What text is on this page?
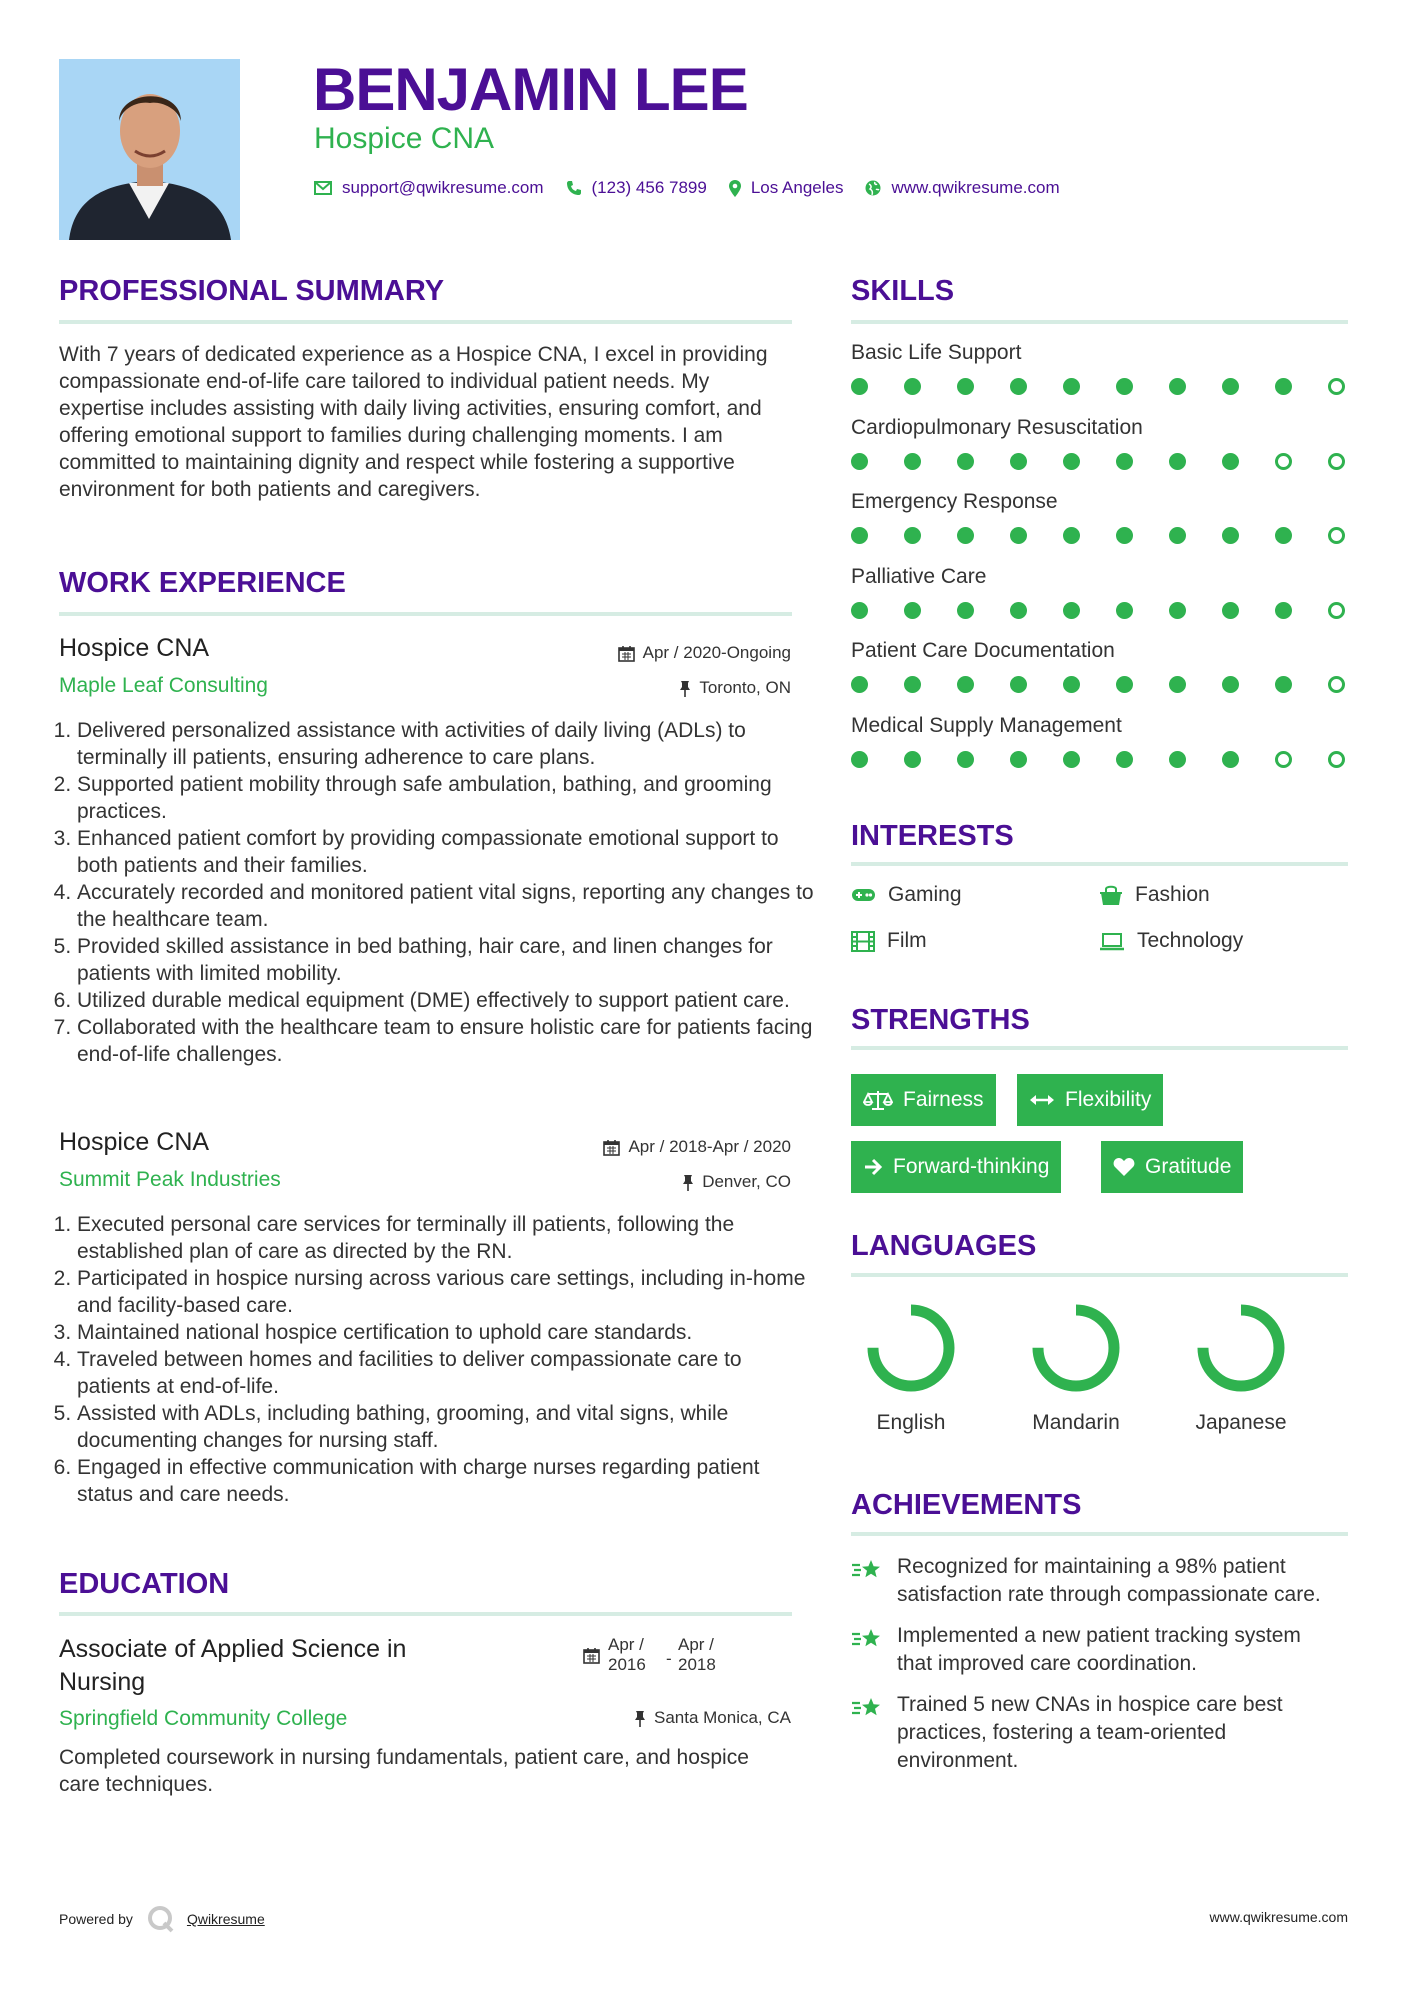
BENJAMIN LEE
Hospice CNA
support@qwikresume.com	(123) 456 7899	Los Angeles	www.qwikresume.com
PROFESSIONAL SUMMARY
With 7 years of dedicated experience as a Hospice CNA, I excel in providing compassionate end-of-life care tailored to individual patient needs. My expertise includes assisting with daily living activities, ensuring comfort, and offering emotional support to families during challenging moments. I am committed to maintaining dignity and respect while fostering a supportive environment for both patients and caregivers.
WORK EXPERIENCE
Hospice CNA	Apr / 2020-Ongoing
Maple Leaf Consulting	Toronto, ON
1. Delivered personalized assistance with activities of daily living (ADLs) to terminally ill patients, ensuring adherence to care plans.
2. Supported patient mobility through safe ambulation, bathing, and grooming practices.
3. Enhanced patient comfort by providing compassionate emotional support to both patients and their families.
4. Accurately recorded and monitored patient vital signs, reporting any changes to the healthcare team.
5. Provided skilled assistance in bed bathing, hair care, and linen changes for patients with limited mobility.
6. Utilized durable medical equipment (DME) effectively to support patient care.
7. Collaborated with the healthcare team to ensure holistic care for patients facing end-of-life challenges.
Hospice CNA	Apr / 2018-Apr / 2020
Summit Peak Industries	Denver, CO
1. Executed personal care services for terminally ill patients, following the established plan of care as directed by the RN.
2. Participated in hospice nursing across various care settings, including in-home and facility-based care.
3. Maintained national hospice certification to uphold care standards.
4. Traveled between homes and facilities to deliver compassionate care to patients at end-of-life.
5. Assisted with ADLs, including bathing, grooming, and vital signs, while documenting changes for nursing staff.
6. Engaged in effective communication with charge nurses regarding patient status and care needs.
EDUCATION
Associate of Applied Science in Nursing
Apr / 2016	-
Apr / 2018
Springfield Community College	Santa Monica, CA
Completed coursework in nursing fundamentals, patient care, and hospice care techniques.
SKILLS
Basic Life Support
Cardiopulmonary Resuscitation
Emergency Response
Palliative Care
Patient Care Documentation
Medical Supply Management
INTERESTS
Gaming	Fashion
Film	Technology
STRENGTHS
Fairness	Flexibility
Forward-thinking	Gratitude
LANGUAGES
English	Mandarin	Japanese
ACHIEVEMENTS
Recognized for maintaining a 98% patient satisfaction rate through compassionate care.
Implemented a new patient tracking system that improved care coordination.
Trained 5 new CNAs in hospice care best practices, fostering a team-oriented environment.
Powered by	Qwikresume	www.qwikresume.com
